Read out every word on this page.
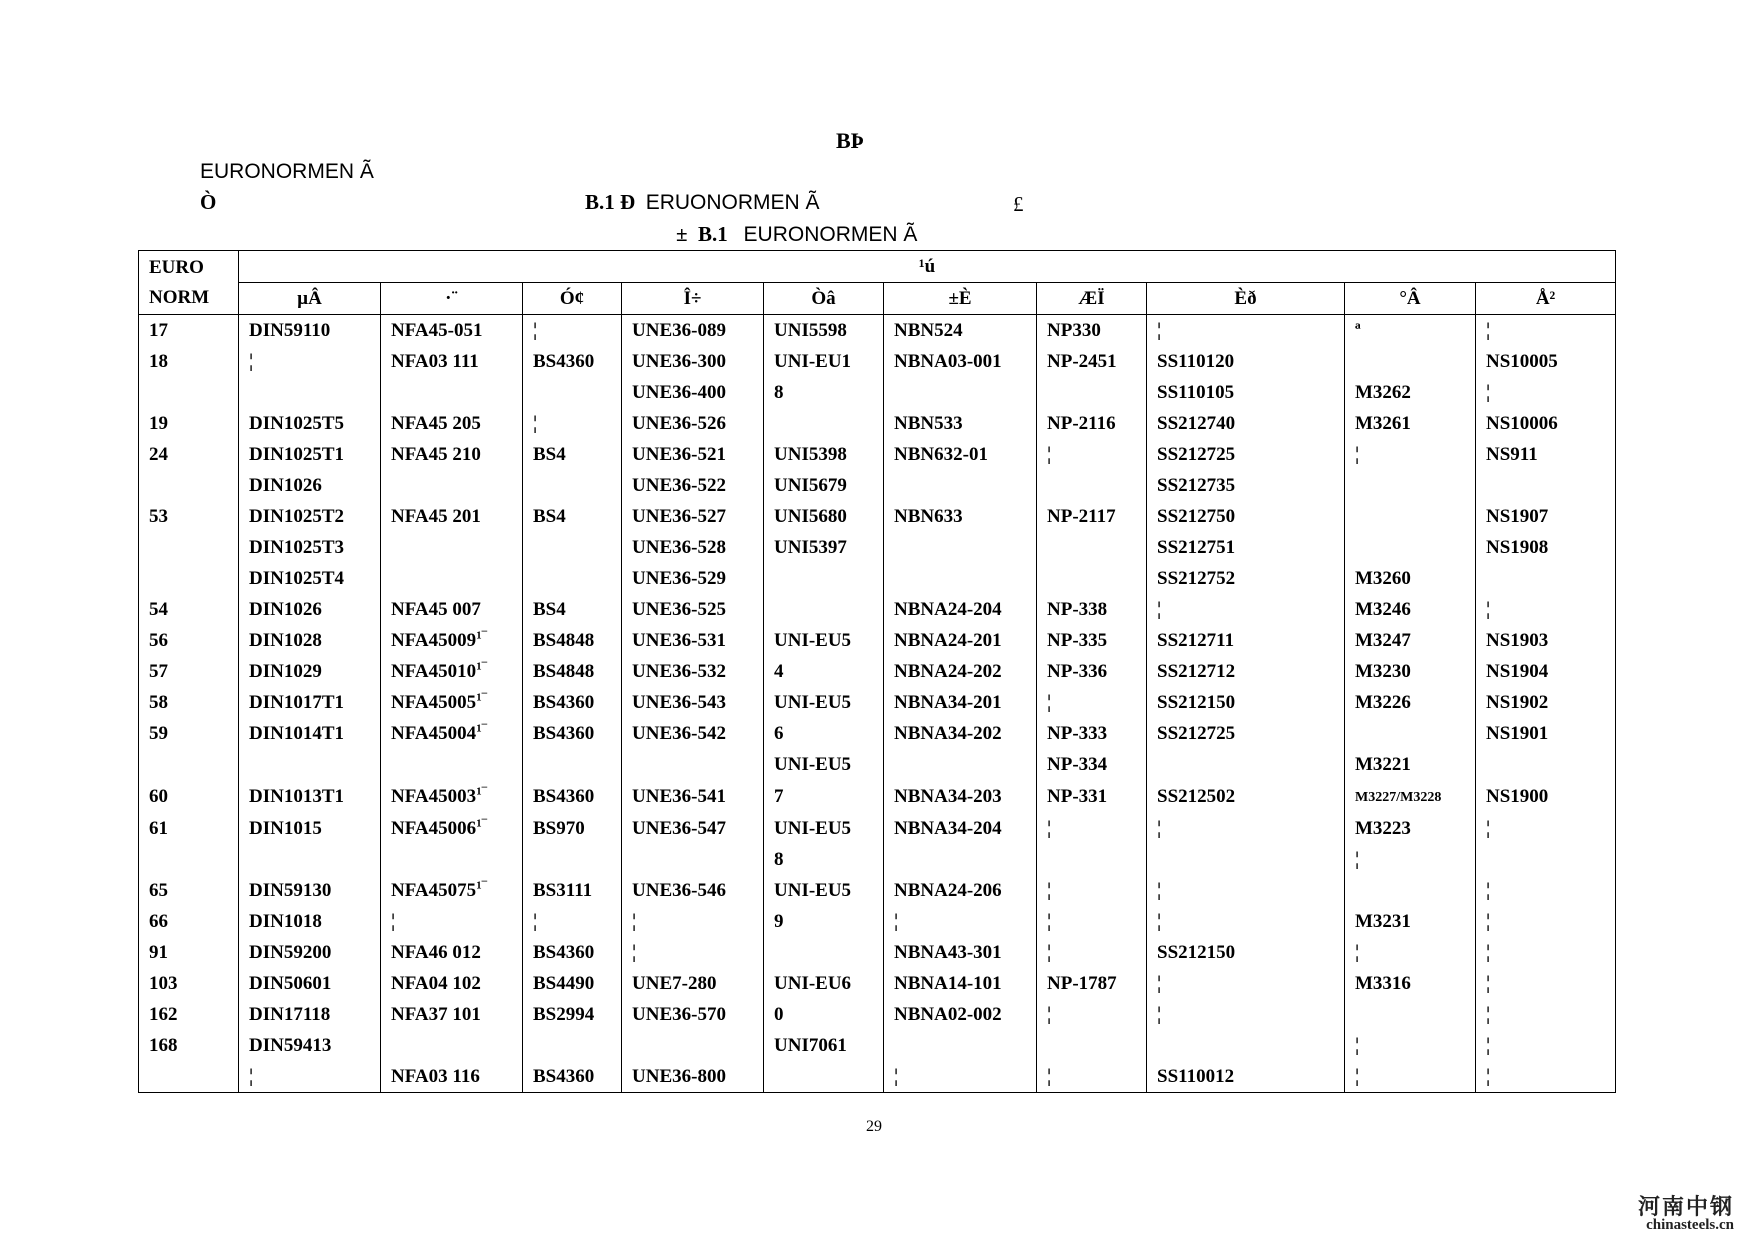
BÞ
EURONORMEN Ã
Ò	B.1 Ð ERUONORMEN Ã	£
± B.1 EURONORMEN Ã
EURO
NORM	¹ú									
	µÂ	·¨	Ó¢	Î÷	Òâ	±È	ÆÏ	Èð	°Â	Å²
17	DIN59110	NFA45-051	¦	UNE36-089	UNI5598	NBN524	NP330	¦	ª	¦
18	¦	NFA03 111	BS4360	UNE36-300	UNI-EU1	NBNA03-001	NP-2451	SS110120		NS10005
				UNE36-400	8			SS110105	M3262	¦
19	DIN1025T5	NFA45 205	¦	UNE36-526		NBN533	NP-2116	SS212740	M3261	NS10006
24	DIN1025T1	NFA45 210	BS4	UNE36-521	UNI5398	NBN632-01	¦	SS212725	¦	NS911
	DIN1026			UNE36-522	UNI5679			SS212735		
53	DIN1025T2	NFA45 201	BS4	UNE36-527	UNI5680	NBN633	NP-2117	SS212750		NS1907
	DIN1025T3			UNE36-528	UNI5397			SS212751		NS1908
	DIN1025T4			UNE36-529				SS212752	M3260	
54	DIN1026	NFA45 007	BS4	UNE36-525		NBNA24-204	NP-338	¦	M3246	¦
56	DIN1028	$NFA45009^{1¯}$	BS4848	UNE36-531	UNI-EU5	NBNA24-201	NP-335	SS212711	M3247	NS1903
57	DIN1029	$NFA45010^{1¯}$	BS4848	UNE36-532	4	NBNA24-202	NP-336	SS212712	M3230	NS1904
58	DIN1017T1	$NFA45005^{1¯}$	BS4360	UNE36-543	UNI-EU5	NBNA34-201	¦	SS212150	M3226	NS1902
59	DIN1014T1	$NFA45004^{1¯}$	BS4360	UNE36-542	6	NBNA34-202	NP-333	SS212725		NS1901
					UNI-EU5		NP-334		M3221	
60	DIN1013T1	$NFA45003^{1¯}$	BS4360	UNE36-541	7	NBNA34-203	NP-331	SS212502	M3227/M3228	NS1900
61	DIN1015	$NFA45006^{1¯}$	BS970	UNE36-547	UNI-EU5	NBNA34-204	¦	¦	M3223	¦
					8				¦	
65	DIN59130	$NFA45075^{1¯}$	BS3111	UNE36-546	UNI-EU5	NBNA24-206	¦	¦		¦
66	DIN1018	¦	¦	¦	9	¦	¦	¦	M3231	¦
91	DIN59200	NFA46 012	BS4360	¦		NBNA43-301	¦	SS212150	¦	¦
103	DIN50601	NFA04 102	BS4490	UNE7-280	UNI-EU6	NBNA14-101	NP-1787	¦	M3316	¦
162	DIN17118	NFA37 101	BS2994	UNE36-570	0	NBNA02-002	¦	¦		¦
168	DIN59413				UNI7061				¦	¦
	¦	NFA03 116	BS4360	UNE36-800		¦	¦	SS110012	¦	¦
29
河南中钢
chinasteels.cn
